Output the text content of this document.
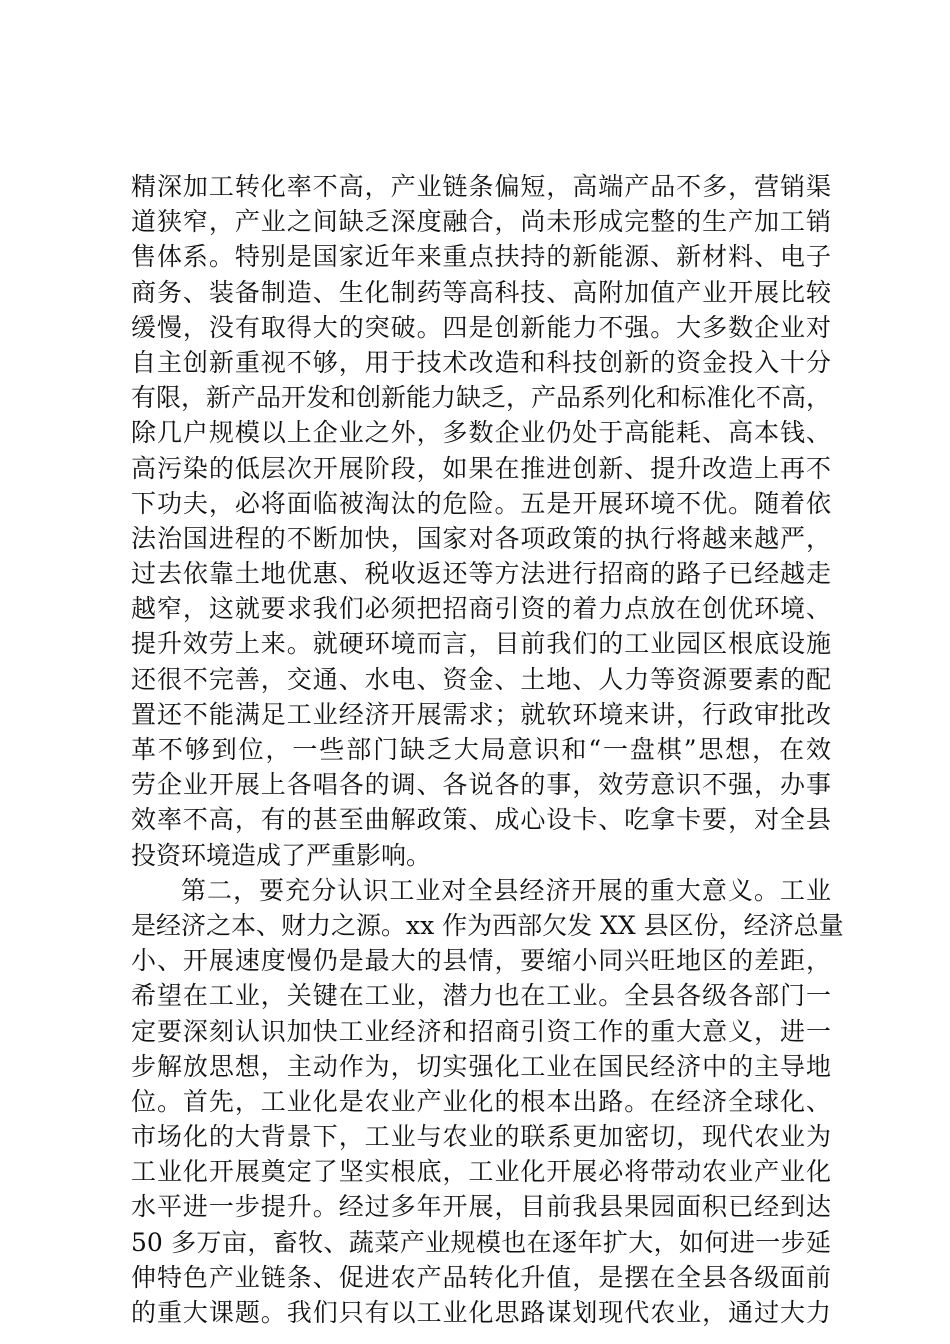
精深加工转化率不高，产业链条偏短，高端产品不多，营销渠
道狭窄，产业之间缺乏深度融合，尚未形成完整的生产加工销
售体系。特别是国家近年来重点扶持的新能源、新材料、电子
商务、装备制造、生化制药等高科技、高附加值产业开展比较
缓慢，没有取得大的突破。四是创新能力不强。大多数企业对
自主创新重视不够，用于技术改造和科技创新的资金投入十分
有限，新产品开发和创新能力缺乏，产品系列化和标准化不高，
除几户规模以上企业之外，多数企业仍处于高能耗、高本钱、
高污染的低层次开展阶段，如果在推进创新、提升改造上再不
下功夫，必将面临被淘汰的危险。五是开展环境不优。随着依
法治国进程的不断加快，国家对各项政策的执行将越来越严，
过去依靠土地优惠、税收返还等方法进行招商的路子已经越走
越窄，这就要求我们必须把招商引资的着力点放在创优环境、
提升效劳上来。就硬环境而言，目前我们的工业园区根底设施
还很不完善，交通、水电、资金、土地、人力等资源要素的配
置还不能满足工业经济开展需求；就软环境来讲，行政审批改
革不够到位，一些部门缺乏大局意识和“一盘棋”思想，在效
劳企业开展上各唱各的调、各说各的事，效劳意识不强，办事
效率不高，有的甚至曲解政策、成心设卡、吃拿卡要，对全县
投资环境造成了严重影响。
第二，要充分认识工业对全县经济开展的重大意义。工业
是经济之本、财力之源。xx 作为西部欠发 XX 县区份，经济总量
小、开展速度慢仍是最大的县情，要缩小同兴旺地区的差距，
希望在工业，关键在工业，潜力也在工业。全县各级各部门一
定要深刻认识加快工业经济和招商引资工作的重大意义，进一
步解放思想，主动作为，切实强化工业在国民经济中的主导地
位。首先，工业化是农业产业化的根本出路。在经济全球化、
市场化的大背景下，工业与农业的联系更加密切，现代农业为
工业化开展奠定了坚实根底，工业化开展必将带动农业产业化
水平进一步提升。经过多年开展，目前我县果园面积已经到达
50 多万亩，畜牧、蔬菜产业规模也在逐年扩大，如何进一步延
伸特色产业链条、促进农产品转化升值，是摆在全县各级面前
的重大课题。我们只有以工业化思路谋划现代农业，通过大力
